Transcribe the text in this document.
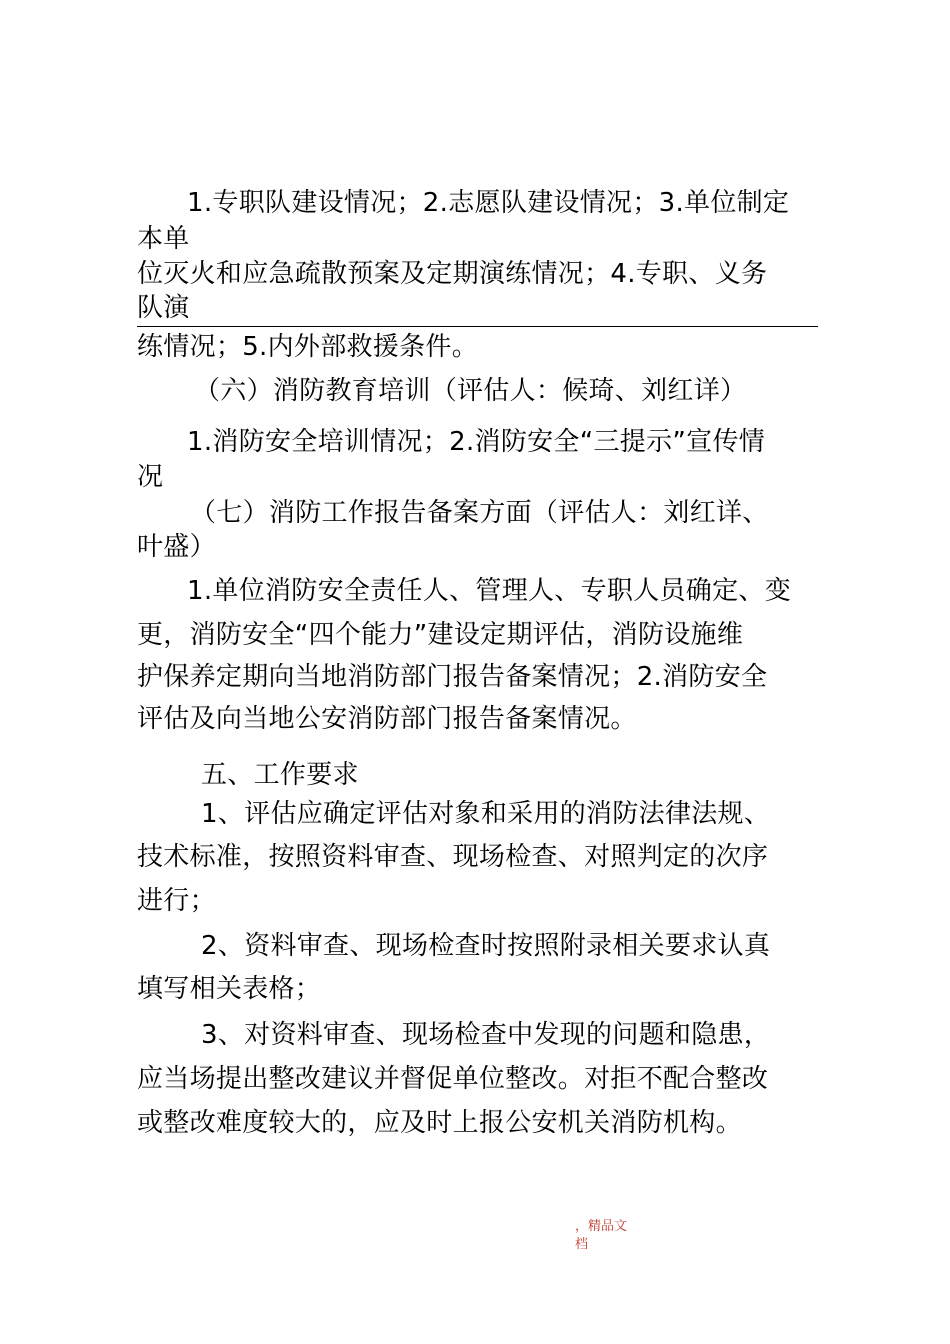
1.专职队建设情况；2.志愿队建设情况；3.单位制定
本单
位灭火和应急疏散预案及定期演练情况；4.专职、义务
队演
练情况；5.内外部救援条件。
（六）消防教育培训（评估人：候琦、刘红详）
1.消防安全培训情况；2.消防安全“三提示”宣传情
况
（七）消防工作报告备案方面（评估人：刘红详、
叶盛）
1.单位消防安全责任人、管理人、专职人员确定、变
更，消防安全“四个能力”建设定期评估，消防设施维
护保养定期向当地消防部门报告备案情况；2.消防安全
评估及向当地公安消防部门报告备案情况。
五、工作要求
1、评估应确定评估对象和采用的消防法律法规、
技术标准，按照资料审查、现场检查、对照判定的次序
进行；
2、资料审查、现场检查时按照附录相关要求认真
填写相关表格；
3、对资料审查、现场检查中发现的问题和隐患，
应当场提出整改建议并督促单位整改。对拒不配合整改
或整改难度较大的，应及时上报公安机关消防机构。
，精品文
档
